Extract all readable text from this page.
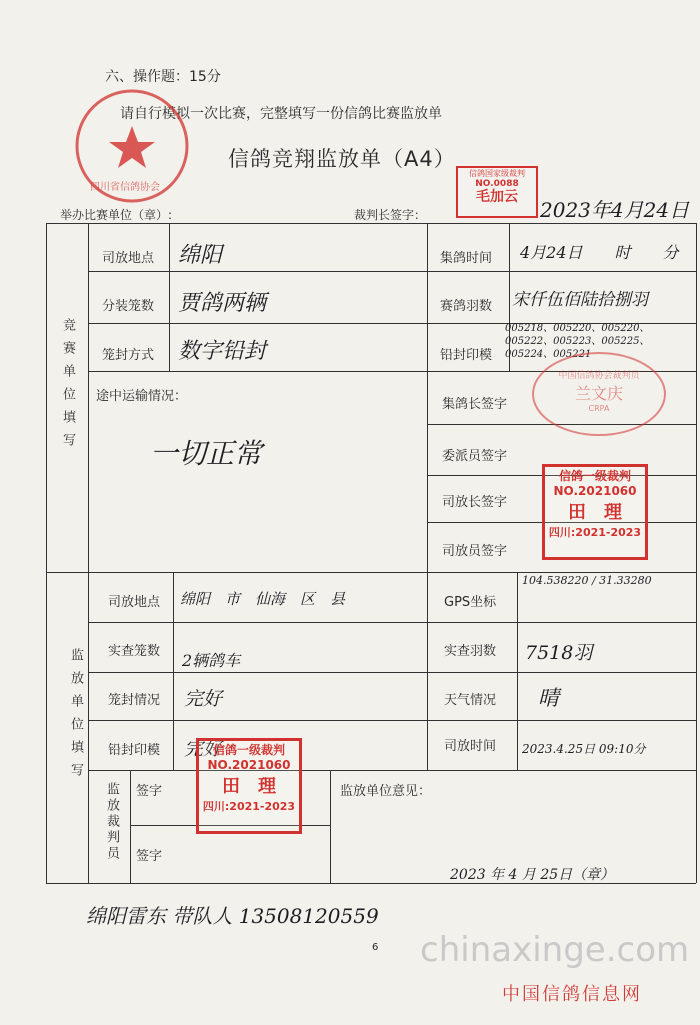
六、操作题：15分
请自行模拟一次比赛，完整填写一份信鸽比赛监放单
信鸽竞翔监放单（A4）
举办比赛单位（章）:	裁判长签字：	2023年4月24日
四川省信鸽协会
信鸽国家级裁判
NO.0088
毛加云
竞赛单位填写
司放地点 绵阳	集鸽时间 4月24日　　时　　分
分装笼数 贾鸽两辆	赛鸽羽数 宋仟伍佰陆拾捌羽
笼封方式 数字铅封	铅封印模
005218、005220、005220、005222、005223、005225、005224、005221
途中运输情况：
一切正常
集鸽长签字
委派员签字
司放长签字
司放员签字
中国信鸽协会裁判员
兰文庆
CRPA
信鸽一级裁判
NO.2021060
田　理
四川:2021-2023
监放单位填写
司放地点 绵阳　市　仙海　区　县	GPS坐标
104.538220 / 31.33280
实查笼数 2辆鸽车	实查羽数 7518羽
笼封情况 完好	天气情况 晴
铅封印模 完好	司放时间 2023.4.25日 09:10分
监放裁判员 签字
签字
监放单位意见：
2023 年 4 月 25日（章）
信鸽一级裁判
NO.2021060
田　理
四川:2021-2023
绵阳雷东 带队人 13508120559
6 chinaxinge.com
中国信鸽信息网
